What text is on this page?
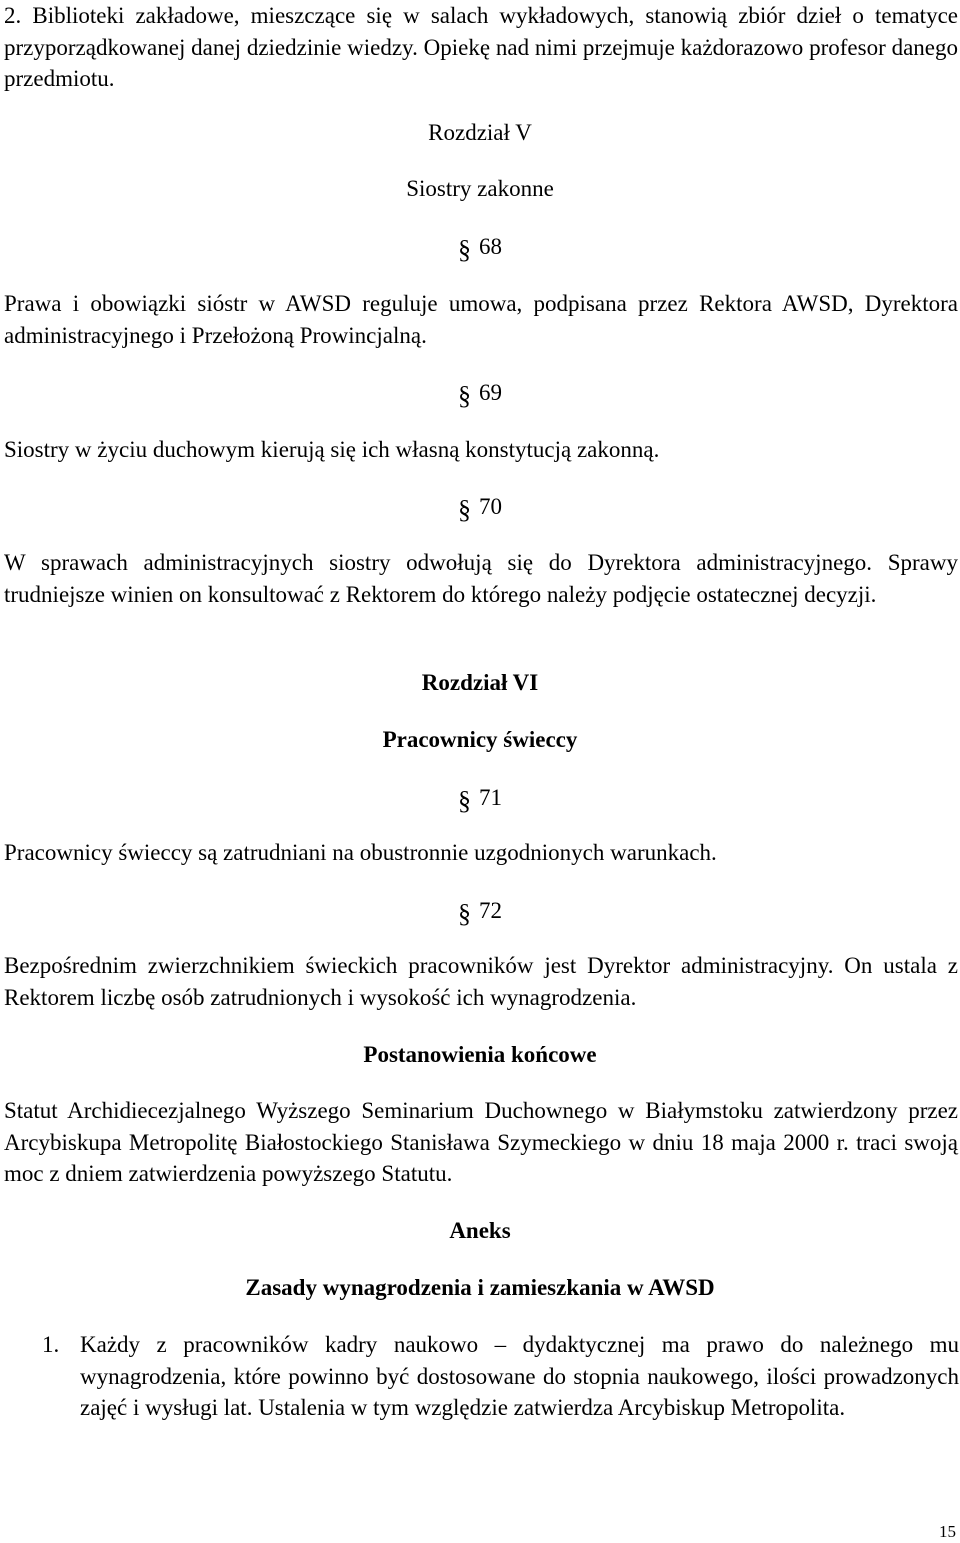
2. Biblioteki zakładowe, mieszczące się w salach wykładowych, stanowią zbiór dzieł o tematyce przyporządkowanej danej dziedzinie wiedzy. Opiekę nad nimi przejmuje każdorazowo profesor danego przedmiotu.

Rozdział V

Siostry zakonne

§ 68

Prawa i obowiązki sióstr w AWSD reguluje umowa, podpisana przez Rektora AWSD, Dyrektora administracyjnego i Przełożoną Prowincjalną.

§ 69

Siostry w życiu duchowym kierują się ich własną konstytucją zakonną.

§ 70

W sprawach administracyjnych siostry odwołują się do Dyrektora administracyjnego. Sprawy trudniejsze winien on konsultować z Rektorem do którego należy podjęcie ostatecznej decyzji.

Rozdział VI

Pracownicy świeccy

§ 71

Pracownicy świeccy są zatrudniani na obustronnie uzgodnionych warunkach.

§ 72

Bezpośrednim zwierzchnikiem świeckich pracowników jest Dyrektor administracyjny. On ustala z Rektorem liczbę osób zatrudnionych i wysokość ich wynagrodzenia.

Postanowienia końcowe

Statut Archidiecezjalnego Wyższego Seminarium Duchownego w Białymstoku zatwierdzony przez Arcybiskupa Metropolitę Białostockiego Stanisława Szymeckiego w dniu 18 maja 2000 r. traci swoją moc z dniem zatwierdzenia powyższego Statutu.

Aneks

Zasady wynagrodzenia i zamieszkania w AWSD

1. Każdy z pracowników kadry naukowo – dydaktycznej ma prawo do należnego mu wynagrodzenia, które powinno być dostosowane do stopnia naukowego, ilości prowadzonych zajęć i wysługi lat. Ustalenia w tym względzie zatwierdza Arcybiskup Metropolita.
15
